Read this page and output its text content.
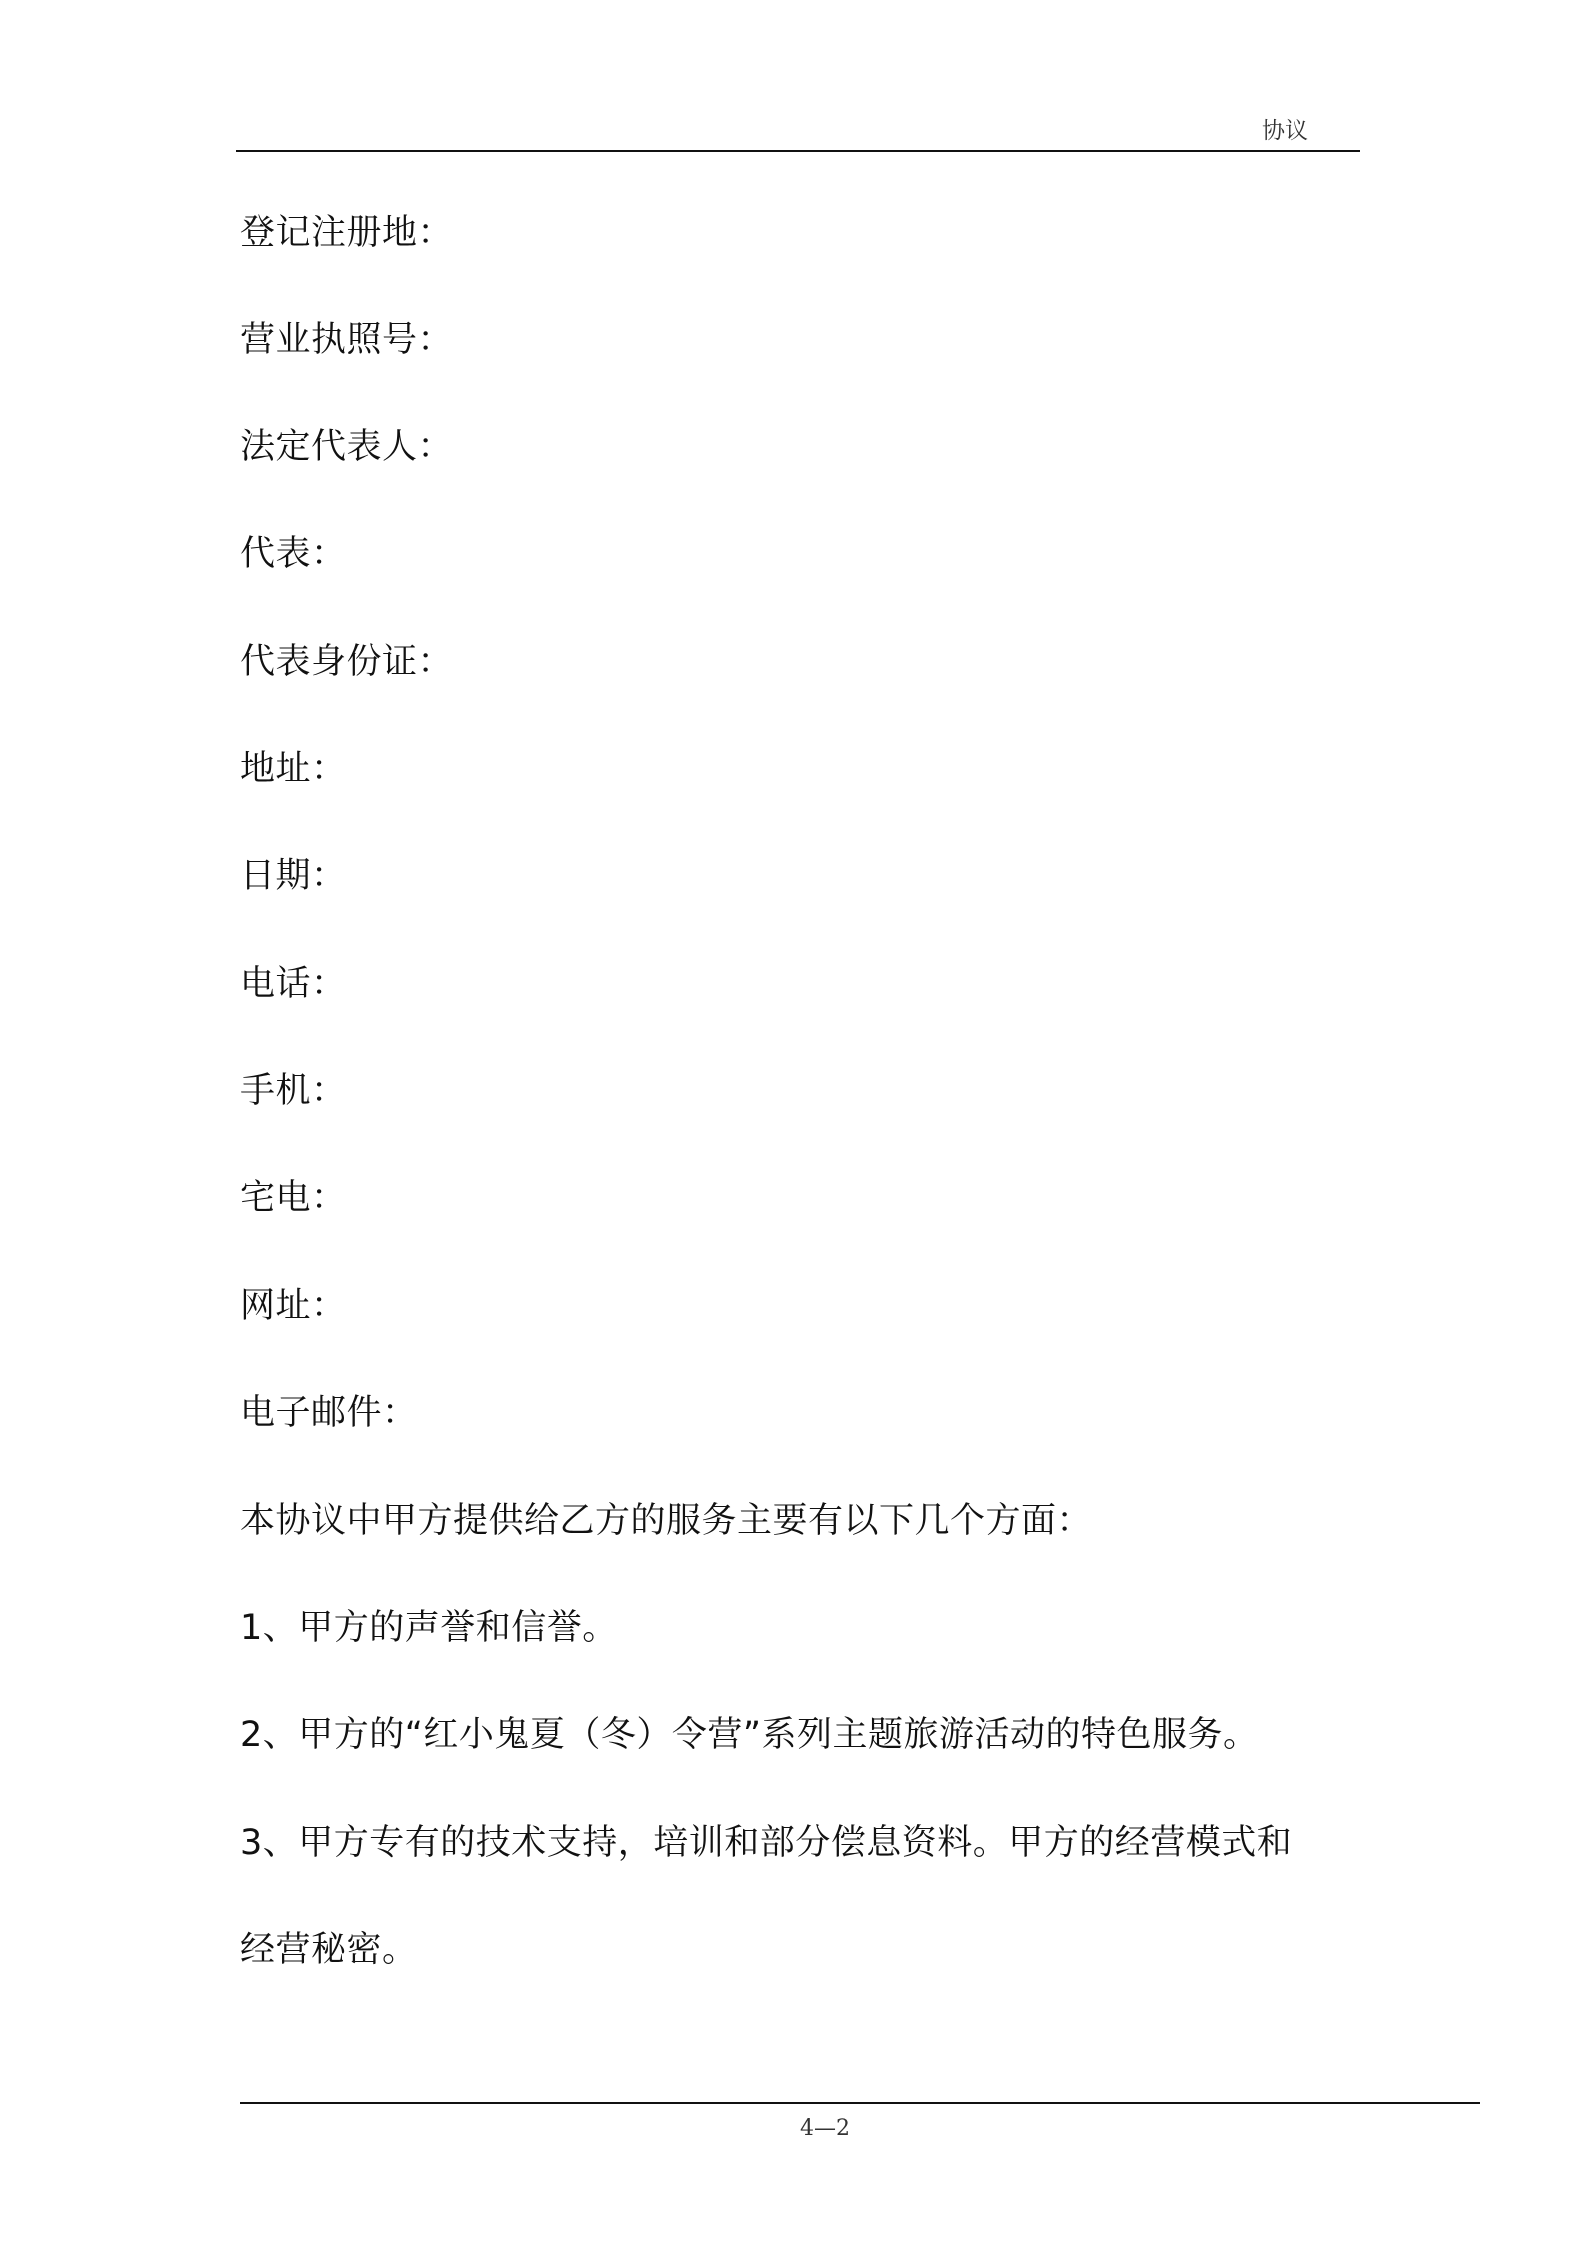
协议
登记注册地：
营业执照号：
法定代表人：
代表：
代表身份证：
地址：
日期：
电话：
手机：
宅电：
网址：
电子邮件：
本协议中甲方提供给乙方的服务主要有以下几个方面：
1、甲方的声誉和信誉。
2、甲方的“红小鬼夏（冬）令营”系列主题旅游活动的特色服务。
3、甲方专有的技术支持，培训和部分偿息资料。甲方的经营模式和
经营秘密。
4—2
